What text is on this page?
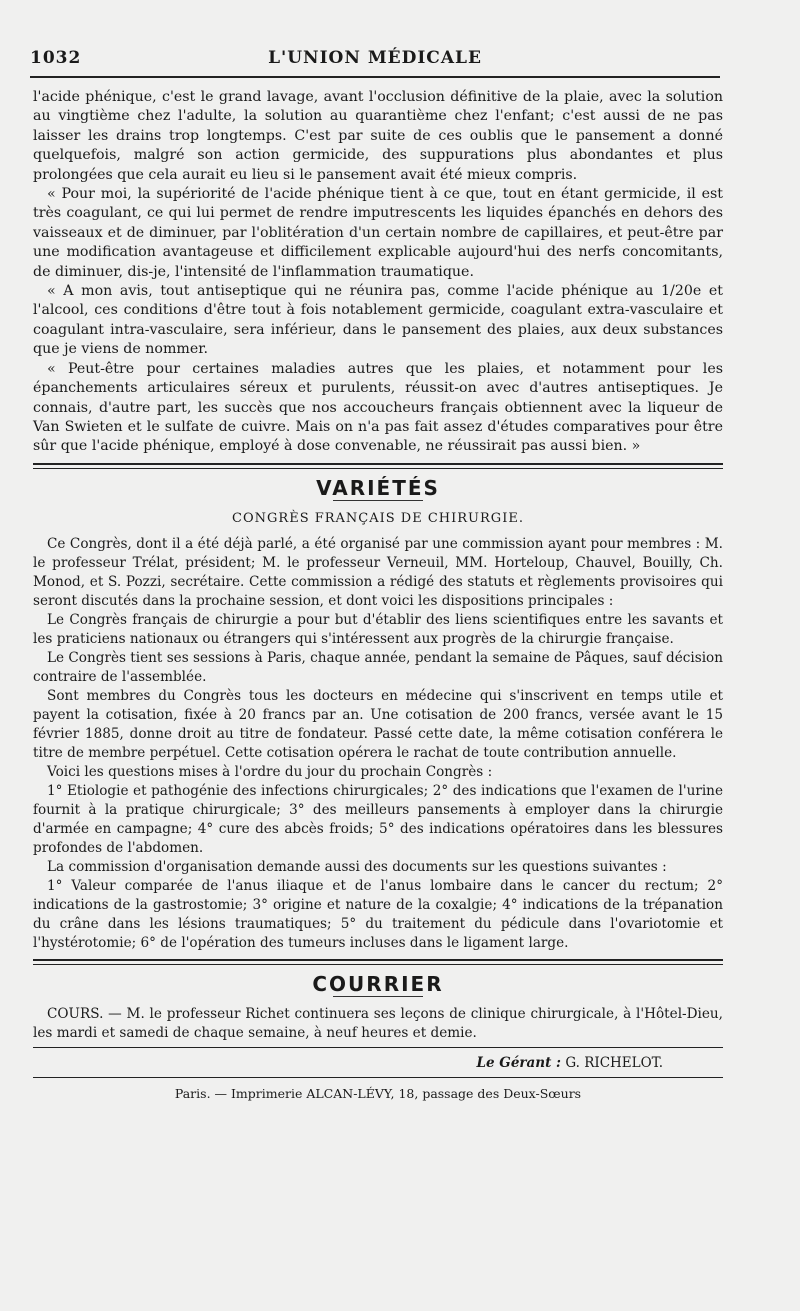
1032	L'UNION MÉDICALE

l'acide phénique, c'est le grand lavage, avant l'occlusion définitive de la plaie, avec la solution au vingtième chez l'adulte, la solution au quarantième chez l'enfant; c'est aussi de ne pas laisser les drains trop longtemps. C'est par suite de ces oublis que le pansement a donné quelquefois, malgré son action germicide, des suppurations plus abondantes et plus prolongées que cela aurait eu lieu si le pansement avait été mieux compris.

« Pour moi, la supériorité de l'acide phénique tient à ce que, tout en étant germicide, il est très coagulant, ce qui lui permet de rendre imputrescents les liquides épanchés en dehors des vaisseaux et de diminuer, par l'oblitération d'un certain nombre de capillaires, et peut-être par une modification avantageuse et difficilement explicable aujourd'hui des nerfs concomitants, de diminuer, dis-je, l'intensité de l'inflammation traumatique.

« A mon avis, tout antiseptique qui ne réunira pas, comme l'acide phénique au 1/20e et l'alcool, ces conditions d'être tout à fois notablement germicide, coagulant extra-vasculaire et coagulant intra-vasculaire, sera inférieur, dans le pansement des plaies, aux deux substances que je viens de nommer.

« Peut-être pour certaines maladies autres que les plaies, et notamment pour les épanchements articulaires séreux et purulents, réussit-on avec d'autres antiseptiques. Je connais, d'autre part, les succès que nos accoucheurs français obtiennent avec la liqueur de Van Swieten et le sulfate de cuivre. Mais on n'a pas fait assez d'études comparatives pour être sûr que l'acide phénique, employé à dose convenable, ne réussirait pas aussi bien. »

VARIÉTÉS
CONGRÈS FRANÇAIS DE CHIRURGIE.

Ce Congrès, dont il a été déjà parlé, a été organisé par une commission ayant pour membres : M. le professeur Trélat, président; M. le professeur Verneuil, MM. Horteloup, Chauvel, Bouilly, Ch. Monod, et S. Pozzi, secrétaire. Cette commission a rédigé des statuts et règlements provisoires qui seront discutés dans la prochaine session, et dont voici les dispositions principales :

Le Congrès français de chirurgie a pour but d'établir des liens scientifiques entre les savants et les praticiens nationaux ou étrangers qui s'intéressent aux progrès de la chirurgie française.

Le Congrès tient ses sessions à Paris, chaque année, pendant la semaine de Pâques, sauf décision contraire de l'assemblée.

Sont membres du Congrès tous les docteurs en médecine qui s'inscrivent en temps utile et payent la cotisation, fixée à 20 francs par an. Une cotisation de 200 francs, versée avant le 15 février 1885, donne droit au titre de fondateur. Passé cette date, la même cotisation conférera le titre de membre perpétuel. Cette cotisation opérera le rachat de toute contribution annuelle.

Voici les questions mises à l'ordre du jour du prochain Congrès :

1° Etiologie et pathogénie des infections chirurgicales; 2° des indications que l'examen de l'urine fournit à la pratique chirurgicale; 3° des meilleurs pansements à employer dans la chirurgie d'armée en campagne; 4° cure des abcès froids; 5° des indications opératoires dans les blessures profondes de l'abdomen.

La commission d'organisation demande aussi des documents sur les questions suivantes :

1° Valeur comparée de l'anus iliaque et de l'anus lombaire dans le cancer du rectum; 2° indications de la gastrostomie; 3° origine et nature de la coxalgie; 4° indications de la trépanation du crâne dans les lésions traumatiques; 5° du traitement du pédicule dans l'ovariotomie et l'hystérotomie; 6° de l'opération des tumeurs incluses dans le ligament large.

COURRIER

COURS. — M. le professeur Richet continuera ses leçons de clinique chirurgicale, à l'Hôtel-Dieu, les mardi et samedi de chaque semaine, à neuf heures et demie.

Le Gérant : G. RICHELOT.
Paris. — Imprimerie ALCAN-LÉVY, 18, passage des Deux-Sœurs
